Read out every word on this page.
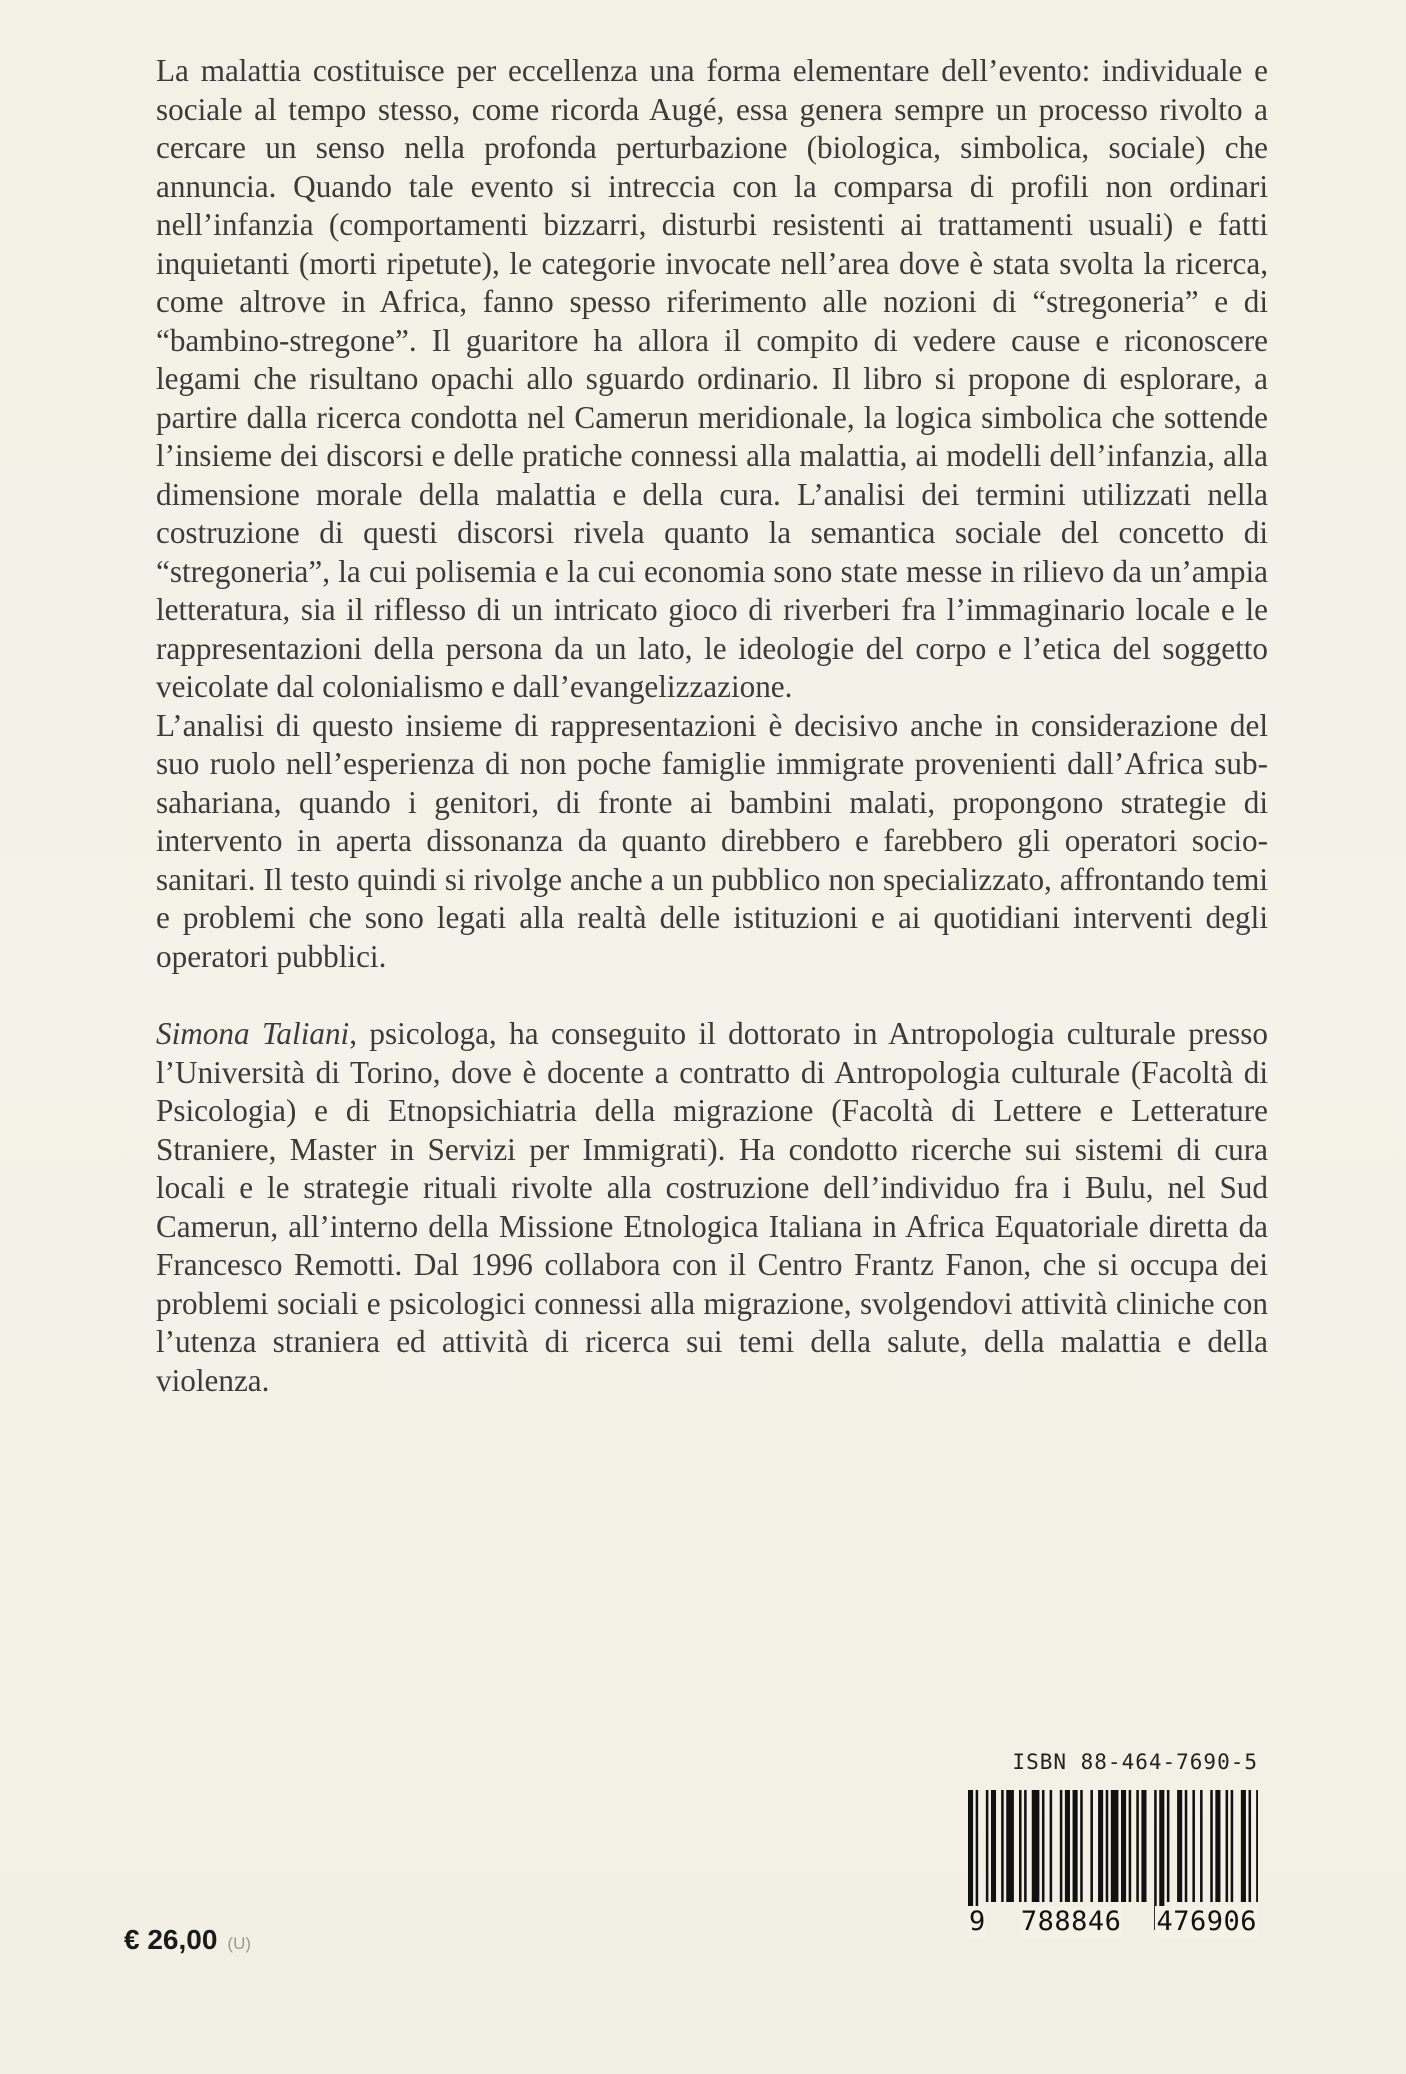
La malattia costituisce per eccellenza una forma elementare dell’evento: individuale e sociale al tempo stesso, come ricorda Augé, essa genera sempre un processo rivolto a cercare un senso nella profonda perturbazione (biologica, simbolica, sociale) che annuncia. Quando tale evento si intreccia con la comparsa di profili non ordinari nell’infanzia (comportamenti bizzarri, disturbi resistenti ai trattamenti usuali) e fatti inquietanti (morti ripetute), le categorie invocate nell’area dove è stata svolta la ricerca, come altrove in Africa, fanno spesso riferimento alle nozioni di “stregoneria” e di “bambino-stregone”. Il guaritore ha allora il compito di vedere cause e riconoscere legami che risultano opachi allo sguardo ordinario. Il libro si propone di esplorare, a partire dalla ricerca condotta nel Camerun meridionale, la logica simbolica che sottende l’insieme dei discorsi e delle pratiche connessi alla malattia, ai modelli dell’infanzia, alla dimensione morale della malattia e della cura. L’analisi dei termini utilizzati nella costruzione di questi discorsi rivela quanto la semantica sociale del concetto di “stregoneria”, la cui polisemia e la cui economia sono state messe in rilievo da un’ampia letteratura, sia il riflesso di un intricato gioco di riverberi fra l’immaginario locale e le rappresentazioni della persona da un lato, le ideologie del corpo e l’etica del soggetto veicolate dal colonialismo e dall’evangelizzazione.

L’analisi di questo insieme di rappresentazioni è decisivo anche in considerazione del suo ruolo nell’esperienza di non poche famiglie immigrate provenienti dall’Africa sub-sahariana, quando i genitori, di fronte ai bambini malati, propongono strategie di intervento in aperta dissonanza da quanto direbbero e farebbero gli operatori socio-sanitari. Il testo quindi si rivolge anche a un pubblico non specializzato, affrontando temi e problemi che sono legati alla realtà delle istituzioni e ai quotidiani interventi degli operatori pubblici.

Simona Taliani, psicologa, ha conseguito il dottorato in Antropologia culturale presso l’Università di Torino, dove è docente a contratto di Antropologia culturale (Facoltà di Psicologia) e di Etnopsichiatria della migrazione (Facoltà di Lettere e Letterature Straniere, Master in Servizi per Immigrati). Ha condotto ricerche sui sistemi di cura locali e le strategie rituali rivolte alla costruzione dell’individuo fra i Bulu, nel Sud Camerun, all’interno della Missione Etnologica Italiana in Africa Equatoriale diretta da Francesco Remotti. Dal 1996 collabora con il Centro Frantz Fanon, che si occupa dei problemi sociali e psicologici connessi alla migrazione, svolgendovi attività cliniche con l’utenza straniera ed attività di ricerca sui temi della salute, della malattia e della violenza.

ISBN 88-464-7690-5

9 788846 476906
€ 26,00 (U)
